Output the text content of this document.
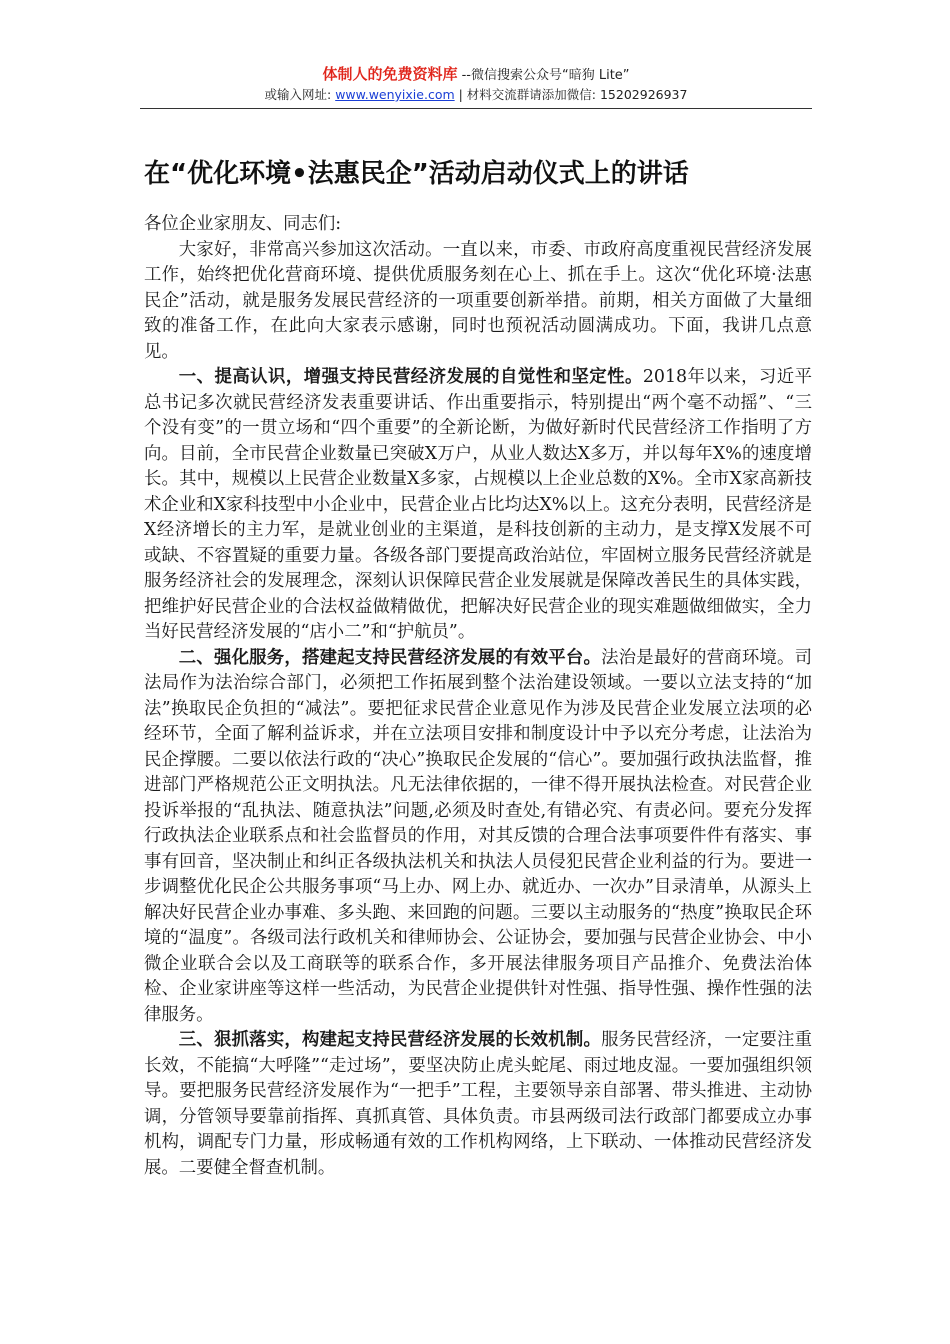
体制人的免费资料库 --微信搜索公众号“暗狗 Lite”
或输入网址: www.wenyixie.com | 材料交流群请添加微信: 15202926937
在“优化环境•法惠民企”活动启动仪式上的讲话

各位企业家朋友、同志们:

大家好，非常高兴参加这次活动。一直以来，市委、市政府高度重视民营经济发展工作，始终把优化营商环境、提供优质服务刻在心上、抓在手上。这次“优化环境·法惠民企”活动，就是服务发展民营经济的一项重要创新举措。前期，相关方面做了大量细致的准备工作，在此向大家表示感谢，同时也预祝活动圆满成功。下面，我讲几点意见。

一、提高认识，增强支持民营经济发展的自觉性和坚定性。2018年以来，习近平总书记多次就民营经济发表重要讲话、作出重要指示，特别提出“两个毫不动摇”、“三个没有变”的一贯立场和“四个重要”的全新论断，为做好新时代民营经济工作指明了方向。目前，全市民营企业数量已突破X万户，从业人数达X多万，并以每年X%的速度增长。其中，规模以上民营企业数量X多家，占规模以上企业总数的X%。全市X家高新技术企业和X家科技型中小企业中，民营企业占比均达X%以上。这充分表明，民营经济是X经济增长的主力军，是就业创业的主渠道，是科技创新的主动力，是支撑X发展不可或缺、不容置疑的重要力量。各级各部门要提高政治站位，牢固树立服务民营经济就是服务经济社会的发展理念，深刻认识保障民营企业发展就是保障改善民生的具体实践，把维护好民营企业的合法权益做精做优，把解决好民营企业的现实难题做细做实，全力当好民营经济发展的“店小二”和“护航员”。

二、强化服务，搭建起支持民营经济发展的有效平台。法治是最好的营商环境。司法局作为法治综合部门，必须把工作拓展到整个法治建设领域。一要以立法支持的“加法”换取民企负担的“减法”。要把征求民营企业意见作为涉及民营企业发展立法项的必经环节，全面了解利益诉求，并在立法项目安排和制度设计中予以充分考虑，让法治为民企撑腰。二要以依法行政的“决心”换取民企发展的“信心”。要加强行政执法监督，推进部门严格规范公正文明执法。凡无法律依据的，一律不得开展执法检查。对民营企业投诉举报的“乱执法、随意执法”问题,必须及时查处,有错必究、有责必问。要充分发挥行政执法企业联系点和社会监督员的作用，对其反馈的合理合法事项要件件有落实、事事有回音，坚决制止和纠正各级执法机关和执法人员侵犯民营企业利益的行为。要进一步调整优化民企公共服务事项“马上办、网上办、就近办、一次办”目录清单，从源头上解决好民营企业办事难、多头跑、来回跑的问题。三要以主动服务的“热度”换取民企环境的“温度”。各级司法行政机关和律师协会、公证协会，要加强与民营企业协会、中小微企业联合会以及工商联等的联系合作，多开展法律服务项目产品推介、免费法治体检、企业家讲座等这样一些活动，为民营企业提供针对性强、指导性强、操作性强的法律服务。

三、狠抓落实，构建起支持民营经济发展的长效机制。服务民营经济，一定要注重长效，不能搞“大呼隆”“走过场”，要坚决防止虎头蛇尾、雨过地皮湿。一要加强组织领导。要把服务民营经济发展作为“一把手”工程，主要领导亲自部署、带头推进、主动协调，分管领导要靠前指挥、真抓真管、具体负责。市县两级司法行政部门都要成立办事机构，调配专门力量，形成畅通有效的工作机构网络，上下联动、一体推动民营经济发展。二要健全督查机制。
